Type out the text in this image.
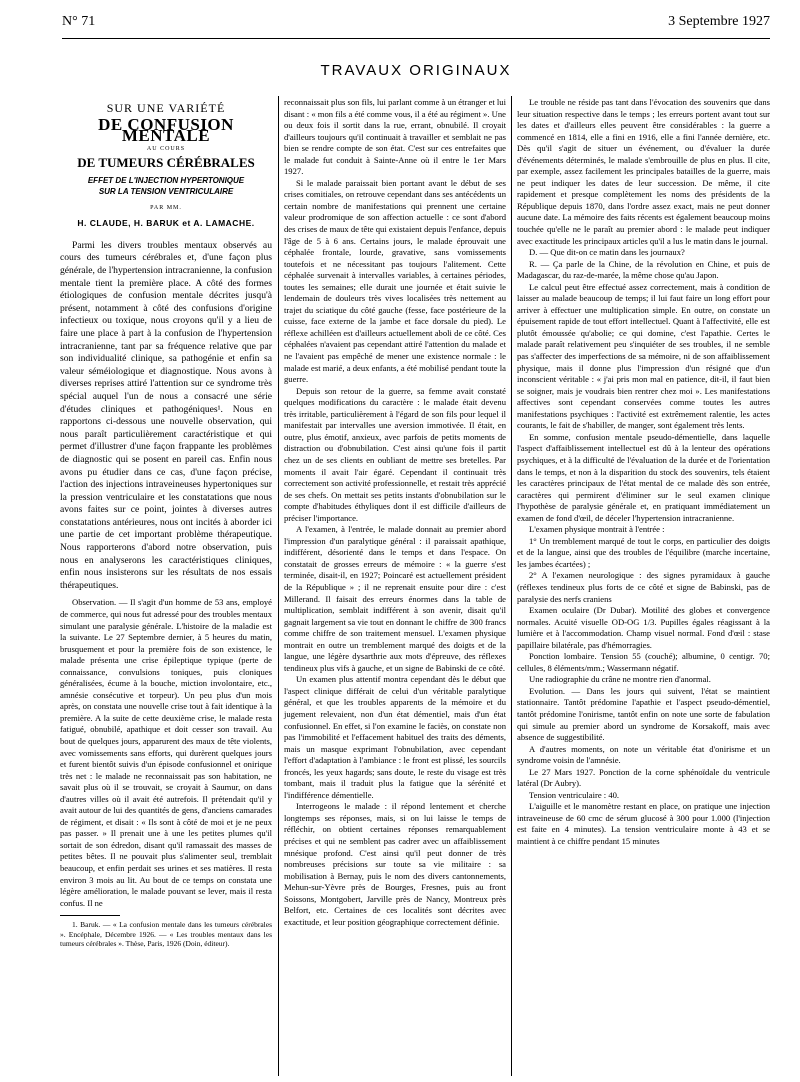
N° 71	3 Septembre 1927
TRAVAUX ORIGINAUX
SUR UNE VARIÉTÉ
DE CONFUSION MENTALE
AU COURS
DE TUMEURS CÉRÉBRALES
EFFET DE L'INJECTION HYPERTONIQUE
SUR LA TENSION VENTRICULAIRE
PAR MM.
H. CLAUDE, H. BARUK et A. LAMACHE.

Parmi les divers troubles mentaux observés au cours des tumeurs cérébrales et, d'une façon plus générale, de l'hypertension intracranienne, la confusion mentale tient la première place. A côté des formes étiologiques de confusion mentale décrites jusqu'à présent, notamment à côté des confusions d'origine infectieux ou toxique, nous croyons qu'il y a lieu de faire une place à part à la confusion de l'hypertension intracranienne, tant par sa fréquence relative que par son individualité clinique, sa pathogénie et enfin sa valeur séméiologique et diagnostique. Nous avons à diverses reprises attiré l'attention sur ce syndrome très spécial auquel l'un de nous a consacré une série d'études cliniques et pathogéniques¹. Nous en rapportons ci-dessous une nouvelle observation, qui nous paraît particulièrement caractéristique et qui permet d'illustrer d'une façon frappante les problèmes de diagnostic qui se posent en pareil cas. Enfin nous avons pu étudier dans ce cas, d'une façon précise, l'action des injections intraveineuses hypertoniques sur la pression ventriculaire et les constatations que nous avons faites sur ce point, jointes à diverses autres constatations antérieures, nous ont incités à aborder ici une partie de cet important problème thérapeutique. Nous rapporterons d'abord notre observation, puis nous en analyserons les caractéristiques cliniques, enfin nous insisterons sur les résultats de nos essais thérapeutiques.

Observation. — Il s'agit d'un homme de 53 ans, employé de commerce, qui nous fut adressé pour des troubles mentaux simulant une paralysie générale. L'histoire de la maladie est la suivante. Le 27 Septembre dernier, à 5 heures du matin, brusquement et pour la première fois de son existence, le malade présenta une crise épileptique typique (perte de connaissance, convulsions toniques, puis cloniques généralisées, écume à la bouche, miction involontaire, etc., amnésie consécutive et torpeur). Un peu plus d'un mois après, on constata une nouvelle crise tout à fait identique à la première. A la suite de cette deuxième crise, le malade resta fatigué, obnubilé, apathique et doit cesser son travail. Au bout de quelques jours, apparurent des maux de tête violents, avec vomissements sans efforts, qui durèrent quelques jours et furent bientôt suivis d'un épisode confusionnel et onirique très net : le malade ne reconnaissait pas son habitation, ne savait plus où il se trouvait, se croyait à Saumur, on dans d'autres villes où il avait été autrefois. Il prétendait qu'il y avait autour de lui des quantités de gens, d'anciens camarades de régiment, et disait : « Ils sont à côté de moi et je ne peux pas passer. » Il prenait une à une les petites plumes qu'il sortait de son édredon, disant qu'il ramassait des masses de petites bêtes. Il ne pouvait plus s'alimenter seul, tremblait beaucoup, et enfin perdait ses urines et ses matières. Il resta environ 3 mois au lit. Au bout de ce temps on constata une légère amélioration, le malade pouvant se lever, mais il resta confus. Il ne

1. Baruk. — « La confusion mentale dans les tumeurs cérébrales ». Encéphale, Décembre 1926. — « Les troubles mentaux dans les tumeurs cérébrales ». Thèse, Paris, 1926 (Doin, éditeur).

reconnaissait plus son fils, lui parlant comme à un étranger et lui disant : « mon fils a été comme vous, il a été au régiment ». Une ou deux fois il sortit dans la rue, errant, obnubilé. Il croyait d'ailleurs toujours qu'il continuait à travailler et semblait ne pas bien se rendre compte de son état. C'est sur ces entrefaites que le malade fut conduit à Sainte-Anne où il entre le 1er Mars 1927.

Si le malade paraissait bien portant avant le début de ses crises comitiales, on retrouve cependant dans ses antécédents un certain nombre de manifestations qui prennent une certaine valeur prodromique de son affection actuelle : ce sont d'abord des crises de maux de tête qui existaient depuis l'enfance, depuis l'âge de 5 à 6 ans. Certains jours, le malade éprouvait une céphalée frontale, lourde, gravative, sans vomissements toutefois et ne nécessitant pas toujours l'alitement. Cette céphalée survenait à intervalles variables, à certaines périodes, toutes les semaines; elle durait une journée et était suivie le lendemain de douleurs très vives localisées très nettement au trajet du sciatique du côté gauche (fesse, face postérieure de la cuisse, face externe de la jambe et face dorsale du pied). Le réflexe achilléen est d'ailleurs actuellement aboli de ce côté. Ces céphalées n'avaient pas cependant attiré l'attention du malade et ne l'avaient pas empêché de mener une existence normale : le malade est marié, a deux enfants, a été mobilisé pendant toute la guerre.

Depuis son retour de la guerre, sa femme avait constaté quelques modifications du caractère : le malade était devenu très irritable, particulièrement à l'égard de son fils pour lequel il manifestait par intervalles une aversion immotivée. Il était, en outre, plus émotif, anxieux, avec parfois de petits moments de distraction ou d'obnubilation. C'est ainsi qu'une fois il partit chez un de ses clients en oubliant de mettre ses bretelles. Par moments il avait l'air égaré. Cependant il continuait très correctement son activité professionnelle, et restait très apprécié de ses chefs. On mettait ses petits instants d'obnubilation sur le compte d'habitudes éthyliques dont il est difficile d'ailleurs de préciser l'importance.

A l'examen, à l'entrée, le malade donnait au premier abord l'impression d'un paralytique général : il paraissait apathique, indifférent, désorienté dans le temps et dans l'espace. On constatait de grosses erreurs de mémoire : « la guerre s'est terminée, disait-il, en 1927; Poincaré est actuellement président de la République » ; il ne reprenait ensuite pour dire : c'est Millerand. Il faisait des erreurs énormes dans la table de multiplication, semblait indifférent à son avenir, disait qu'il gagnait largement sa vie tout en donnant le chiffre de 300 francs comme chiffre de son traitement mensuel. L'examen physique montrait en outre un tremblement marqué des doigts et de la langue, une légère dysarthrie aux mots d'épreuve, des réflexes tendineux plus vifs à gauche, et un signe de Babinski de ce côté.

Un examen plus attentif montra cependant dès le début que l'aspect clinique différait de celui d'un véritable paralytique général, et que les troubles apparents de la mémoire et du jugement relevaient, non d'un état démentiel, mais d'un état confusionnel. En effet, si l'on examine le faciès, on constate non pas l'immobilité et l'effacement habituel des traits des déments, mais un masque exprimant l'obnubilation, avec cependant l'effort d'adaptation à l'ambiance : le front est plissé, les sourcils froncés, les yeux hagards; sans doute, le reste du visage est très tombant, mais il traduit plus la fatigue que la sérénité et l'indifférence démentielle.

Interrogeons le malade : il répond lentement et cherche longtemps ses réponses, mais, si on lui laisse le temps de réfléchir, on obtient certaines réponses remarquablement précises et qui ne semblent pas cadrer avec un affaiblissement mnésique profond. C'est ainsi qu'il peut donner de très nombreuses précisions sur toute sa vie militaire : sa mobilisation à Bernay, puis le nom des divers cantonnements, Mehun-sur-Yèvre près de Bourges, Fresnes, puis au front Soissons, Montgobert, Jarville près de Nancy, Montreux près Belfort, etc. Certaines de ces localités sont décrites avec exactitude, et leur position géographique correctement définie.

Le trouble ne réside pas tant dans l'évocation des souvenirs que dans leur situation respective dans le temps ; les erreurs portent avant tout sur les dates et d'ailleurs elles peuvent être considérables : la guerre a commencé en 1814, elle a fini en 1916, elle a fini l'année dernière, etc. Dès qu'il s'agit de situer un événement, ou d'évaluer la durée d'événements déterminés, le malade s'embrouille de plus en plus. Il cite, par exemple, assez facilement les principales batailles de la guerre, mais ne peut indiquer les dates de leur succession. De même, il cite rapidement et presque complètement les noms des présidents de la République depuis 1870, dans l'ordre assez exact, mais ne peut donner aucune date. La mémoire des faits récents est également beaucoup moins touchée qu'elle ne le paraît au premier abord : le malade peut indiquer avec exactitude les principaux articles qu'il a lus le matin dans le journal.

D. — Que dit-on ce matin dans les journaux?

R. — Ça parle de la Chine, de la révolution en Chine, et puis de Madagascar, du raz-de-marée, la même chose qu'au Japon.

Le calcul peut être effectué assez correctement, mais à condition de laisser au malade beaucoup de temps; il lui faut faire un long effort pour arriver à effectuer une multiplication simple. En outre, on constate un épuisement rapide de tout effort intellectuel. Quant à l'affectivité, elle est plutôt émoussée qu'abolie; ce qui domine, c'est l'apathie. Certes le malade paraît relativement peu s'inquiéter de ses troubles, il ne semble pas s'affecter des imperfections de sa mémoire, ni de son affaiblissement physique, mais il donne plus l'impression d'un résigné que d'un inconscient véritable : « j'ai pris mon mal en patience, dit-il, il faut bien se soigner, mais je voudrais bien rentrer chez moi ». Les manifestations affectives sont cependant conservées comme toutes les autres manifestations psychiques : l'activité est extrêmement ralentie, les actes courants, le fait de s'habiller, de manger, sont également très lents.

En somme, confusion mentale pseudo-démentielle, dans laquelle l'aspect d'affaiblissement intellectuel est dû à la lenteur des opérations psychiques, et à la difficulté de l'évaluation de la durée et de l'orientation dans le temps, et non à la disparition du stock des souvenirs, tels étaient les caractères principaux de l'état mental de ce malade dès son entrée, caractères qui permirent d'éliminer sur le seul examen clinique l'hypothèse de paralysie générale et, en pratiquant immédiatement un examen de fond d'œil, de déceler l'hypertension intracranienne.

L'examen physique montrait à l'entrée :

1° Un tremblement marqué de tout le corps, en particulier des doigts et de la langue, ainsi que des troubles de l'équilibre (marche incertaine, les jambes écartées) ;

2° A l'examen neurologique : des signes pyramidaux à gauche (réflexes tendineux plus forts de ce côté et signe de Babinski, pas de paralysie des nerfs craniens

Examen oculaire (Dr Dubar). Motilité des globes et convergence normales. Acuité visuelle OD-OG 1/3. Pupilles égales réagissant à la lumière et à l'accommodation. Champ visuel normal. Fond d'œil : stase papillaire bilatérale, pas d'hémorragies.

Ponction lombaire. Tension 55 (couché); albumine, 0 centigr. 70; cellules, 8 éléments/mm.; Wassermann négatif.

Une radiographie du crâne ne montre rien d'anormal.

Evolution. — Dans les jours qui suivent, l'état se maintient stationnaire. Tantôt prédomine l'apathie et l'aspect pseudo-démentiel, tantôt prédomine l'onirisme, tantôt enfin on note une sorte de fabulation qui simule au premier abord un syndrome de Korsakoff, mais avec absence de suggestibilité.

A d'autres moments, on note un véritable état d'onirisme et un syndrome voisin de l'amnésie.

Le 27 Mars 1927. Ponction de la corne sphénoïdale du ventricule latéral (Dr Aubry).

Tension ventriculaire : 40.

L'aiguille et le manomètre restant en place, on pratique une injection intraveineuse de 60 cmc de sérum glucosé à 300 pour 1.000 (l'injection est faite en 4 minutes). La tension ventriculaire monte à 43 et se maintient à ce chiffre pendant 15 minutes
